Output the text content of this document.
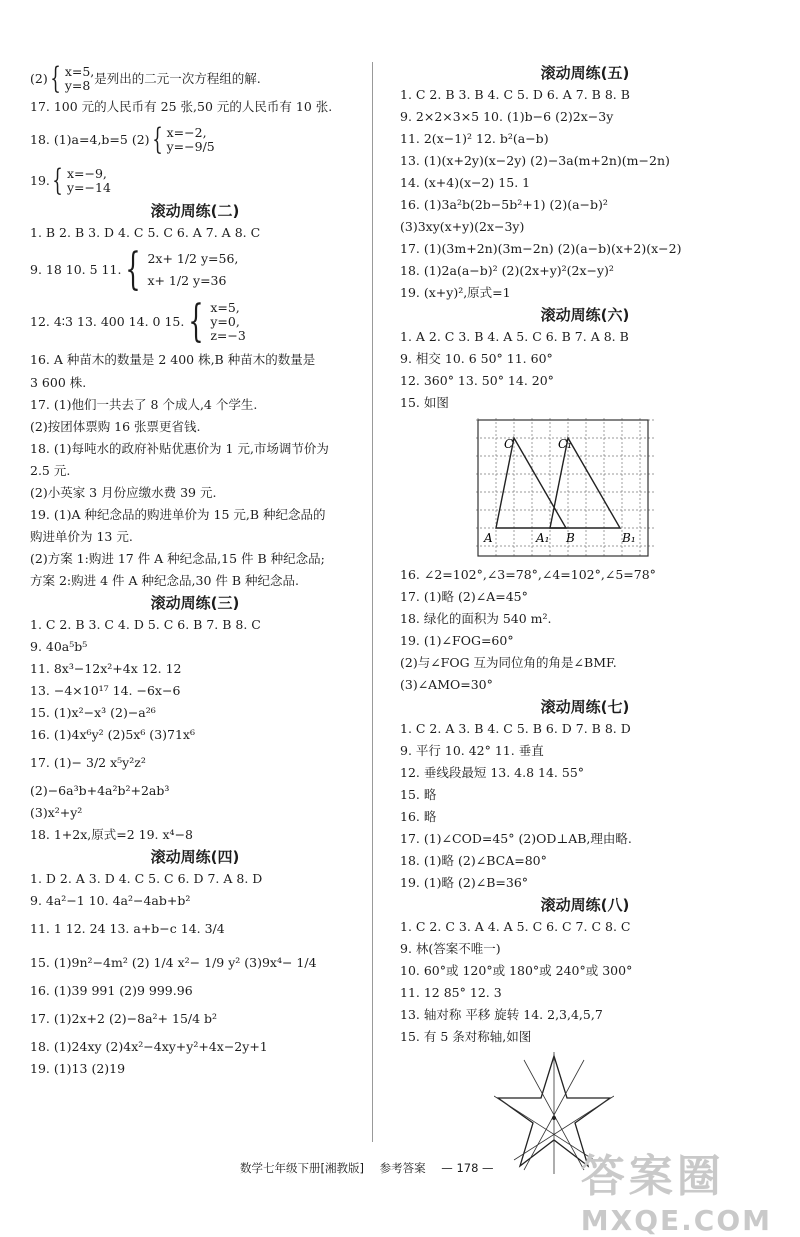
(2) { x=5,
y=8 是列出的二元一次方程组的解.
17. 100 元的人民币有 25 张,50 元的人民币有 10 张.
18. (1)a=4,b=5 (2) { x=−2,
y=−9/5
19. { x=−9,
y=−14
滚动周练(二)
1. B 2. B 3. D 4. C 5. C 6. A 7. A 8. C
9. 18 10. 5 11. { 2x+ 1/2 y=56,
x+ 1/2 y=36
12. 4∶3 13. 400 14. 0 15. { x=5,
y=0,
z=−3
16. A 种苗木的数量是 2 400 株,B 种苗木的数量是
3 600 株.
17. (1)他们一共去了 8 个成人,4 个学生.
(2)按团体票购 16 张票更省钱.
18. (1)每吨水的政府补贴优惠价为 1 元,市场调节价为
2.5 元.
(2)小英家 3 月份应缴水费 39 元.
19. (1)A 种纪念品的购进单价为 15 元,B 种纪念品的
购进单价为 13 元.
(2)方案 1:购进 17 件 A 种纪念品,15 件 B 种纪念品;
方案 2:购进 4 件 A 种纪念品,30 件 B 种纪念品.
滚动周练(三)
1. C 2. B 3. C 4. D 5. C 6. B 7. B 8. C
9. 40a⁵b⁵
11. 8x³−12x²+4x 12. 12
13. −4×10¹⁷ 14. −6x−6
15. (1)x²−x³ (2)−a²⁶
16. (1)4x⁶y² (2)5x⁶ (3)71x⁶
17. (1)− 3/2 x⁵y²z²
(2)−6a³b+4a²b²+2ab³
(3)x²+y²
18. 1+2x,原式=2 19. x⁴−8
滚动周练(四)
1. D 2. A 3. D 4. C 5. C 6. D 7. A 8. D
9. 4a²−1 10. 4a²−4ab+b²
11. 1 12. 24 13. a+b−c 14. 3/4
15. (1)9n²−4m² (2) 1/4 x²− 1/9 y² (3)9x⁴− 1/4
16. (1)39 991 (2)9 999.96
17. (1)2x+2 (2)−8a²+ 15/4 b²
18. (1)24xy (2)4x²−4xy+y²+4x−2y+1
19. (1)13 (2)19
滚动周练(五)
1. C 2. B 3. B 4. C 5. D 6. A 7. B 8. B
9. 2×2×3×5 10. (1)b−6 (2)2x−3y
11. 2(x−1)² 12. b²(a−b)
13. (1)(x+2y)(x−2y) (2)−3a(m+2n)(m−2n)
14. (x+4)(x−2) 15. 1
16. (1)3a²b(2b−5b²+1) (2)(a−b)²
(3)3xy(x+y)(2x−3y)
17. (1)(3m+2n)(3m−2n) (2)(a−b)(x+2)(x−2)
18. (1)2a(a−b)² (2)(2x+y)²(2x−y)²
19. (x+y)²,原式=1
滚动周练(六)
1. A 2. C 3. B 4. A 5. C 6. B 7. A 8. B
9. 相交 10. 6 50° 11. 60°
12. 360° 13. 50° 14. 20°
15. 如图
C	C₁
A	A₁ B	B₁
16. ∠2=102°,∠3=78°,∠4=102°,∠5=78°
17. (1)略 (2)∠A=45°
18. 绿化的面积为 540 m².
19. (1)∠FOG=60°
(2)与∠FOG 互为同位角的角是∠BMF.
(3)∠AMO=30°
滚动周练(七)
1. C 2. A 3. B 4. C 5. B 6. D 7. B 8. D
9. 平行 10. 42° 11. 垂直
12. 垂线段最短 13. 4.8 14. 55°
15. 略
16. 略
17. (1)∠COD=45° (2)OD⊥AB,理由略.
18. (1)略 (2)∠BCA=80°
19. (1)略 (2)∠B=36°
滚动周练(八)
1. C 2. C 3. A 4. A 5. C 6. C 7. C 8. C
9. 林(答案不唯一)
10. 60°或 120°或 180°或 240°或 300°
11. 12 85° 12. 3
13. 轴对称 平移 旋转 14. 2,3,4,5,7
15. 有 5 条对称轴,如图
数学七年级下册[湘教版] 参考答案 — 178 — 答案圈
MXQE.COM
